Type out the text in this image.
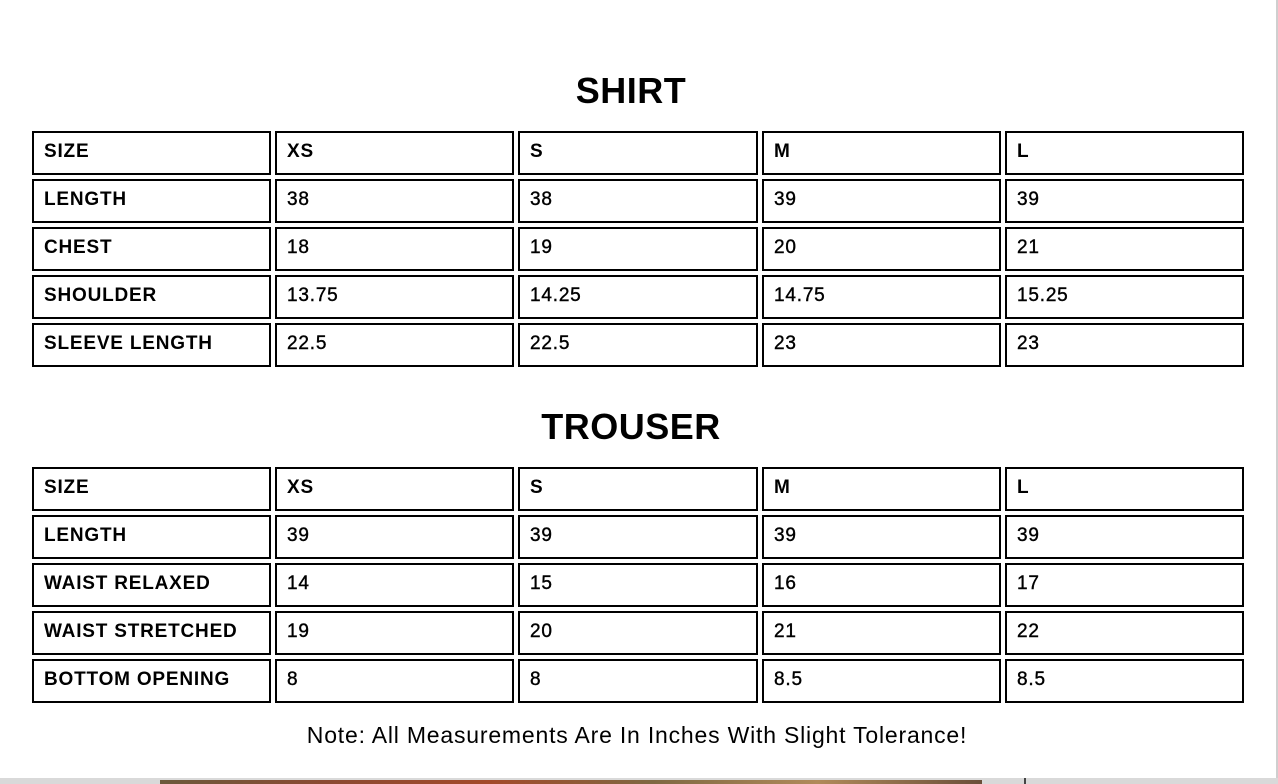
SHIRT
SIZE	XS	S	M	L
LENGTH	38	38	39	39
CHEST	18	19	20	21
SHOULDER	13.75	14.25	14.75	15.25
SLEEVE LENGTH	22.5	22.5	23	23
TROUSER
SIZE	XS	S	M	L
LENGTH	39	39	39	39
WAIST RELAXED	14	15	16	17
WAIST STRETCHED	19	20	21	22
BOTTOM OPENING	8	8	8.5	8.5
Note: All Measurements Are In Inches With Slight Tolerance!
